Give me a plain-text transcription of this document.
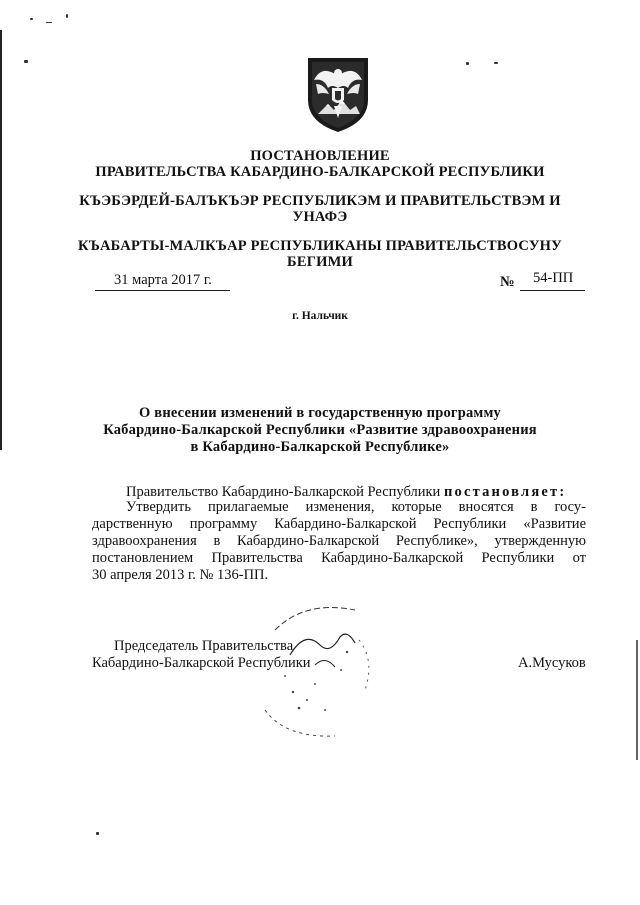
ПОСТАНОВЛЕНИЕ
ПРАВИТЕЛЬСТВА КАБАРДИНО-БАЛКАРСКОЙ РЕСПУБЛИКИ
КЪЭБЭРДЕЙ-БАЛЪКЪЭР РЕСПУБЛИКЭМ И ПРАВИТЕЛЬСТВЭМ И
УНАФЭ
КЪАБАРТЫ-МАЛКЪАР РЕСПУБЛИКАНЫ ПРАВИТЕЛЬСТВОСУНУ
БЕГИМИ
31 марта 2017 г.	№ 54-ПП
г. Нальчик
О внесении изменений в государственную программу
Кабардино-Балкарской Республики «Развитие здравоохранения
в Кабардино-Балкарской Республике»
Правительство Кабардино-Балкарской Республики постановляет:
Утвердить прилагаемые изменения, которые вносятся в госу-
дарственную программу Кабардино-Балкарской Республики «Развитие
здравоохранения в Кабардино-Балкарской Республике», утвержденную
постановлением Правительства Кабардино-Балкарской Республики от
30 апреля 2013 г. № 136-ПП.
Председатель Правительства
Кабардино-Балкарской Республики	А.Мусуков
